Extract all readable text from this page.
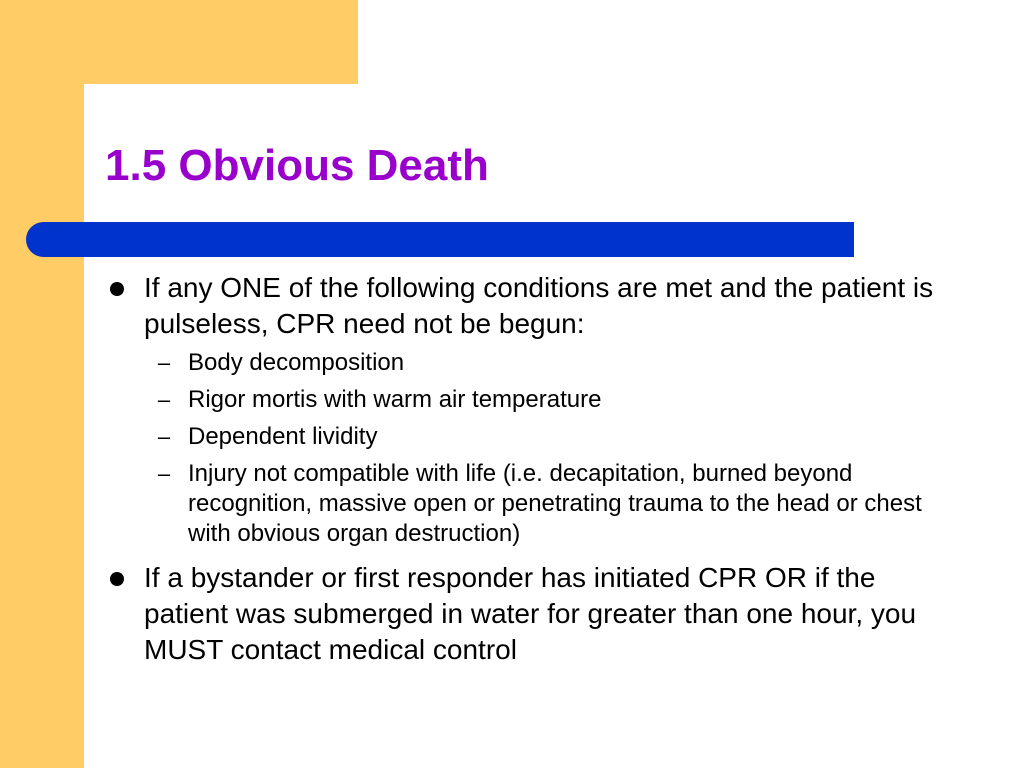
1.5 Obvious Death
If any ONE of the following conditions are met and the patient is pulseless, CPR need not be begun:
– Body decomposition
– Rigor mortis with warm air temperature
– Dependent lividity
– Injury not compatible with life (i.e. decapitation, burned beyond recognition, massive open or penetrating trauma to the head or chest with obvious organ destruction)
If a bystander or first responder has initiated CPR OR if the patient was submerged in water for greater than one hour, you MUST contact medical control
